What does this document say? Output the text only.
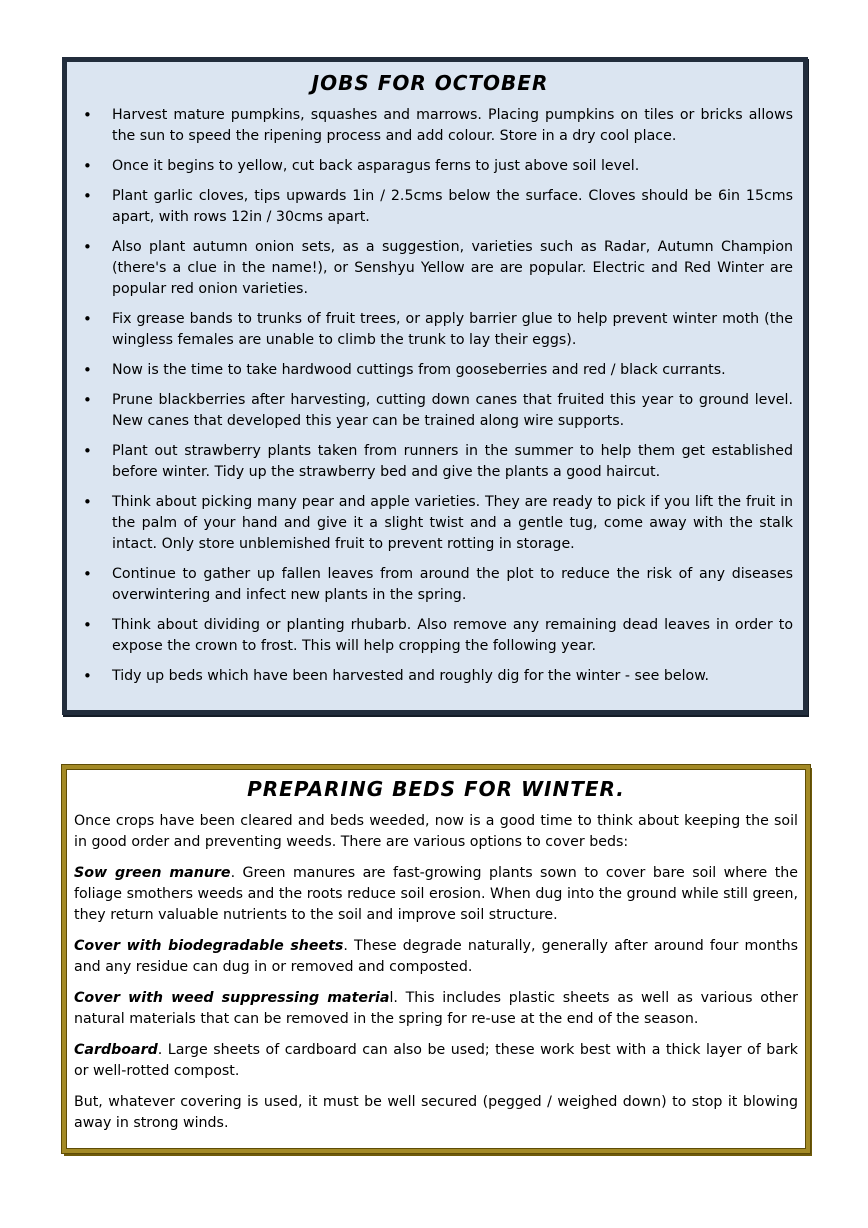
JOBS FOR OCTOBER
• Harvest mature pumpkins, squashes and marrows. Placing pumpkins on tiles or bricks allows the sun to speed the ripening process and add colour. Store in a dry cool place.
• Once it begins to yellow, cut back asparagus ferns to just above soil level.
• Plant garlic cloves, tips upwards 1in / 2.5cms below the surface. Cloves should be 6in 15cms apart, with rows 12in / 30cms apart.
• Also plant autumn onion sets, as a suggestion, varieties such as Radar, Autumn Champion (there's a clue in the name!), or Senshyu Yellow are are popular. Electric and Red Winter are popular red onion varieties.
• Fix grease bands to trunks of fruit trees, or apply barrier glue to help prevent winter moth (the wingless females are unable to climb the trunk to lay their eggs).
• Now is the time to take hardwood cuttings from gooseberries and red / black currants.
• Prune blackberries after harvesting, cutting down canes that fruited this year to ground level. New canes that developed this year can be trained along wire supports.
• Plant out strawberry plants taken from runners in the summer to help them get established before winter. Tidy up the strawberry bed and give the plants a good haircut.
• Think about picking many pear and apple varieties. They are ready to pick if you lift the fruit in the palm of your hand and give it a slight twist and a gentle tug, come away with the stalk intact. Only store unblemished fruit to prevent rotting in storage.
• Continue to gather up fallen leaves from around the plot to reduce the risk of any diseases overwintering and infect new plants in the spring.
• Think about dividing or planting rhubarb. Also remove any remaining dead leaves in order to expose the crown to frost. This will help cropping the following year.
• Tidy up beds which have been harvested and roughly dig for the winter - see below.
PREPARING BEDS FOR WINTER.

Once crops have been cleared and beds weeded, now is a good time to think about keeping the soil in good order and preventing weeds. There are various options to cover beds:

Sow green manure. Green manures are fast-growing plants sown to cover bare soil where the foliage smothers weeds and the roots reduce soil erosion. When dug into the ground while still green, they return valuable nutrients to the soil and improve soil structure.

Cover with biodegradable sheets. These degrade naturally, generally after around four months and any residue can dug in or removed and composted.

Cover with weed suppressing material. This includes plastic sheets as well as various other natural materials that can be removed in the spring for re-use at the end of the season.

Cardboard. Large sheets of cardboard can also be used; these work best with a thick layer of bark or well-rotted compost.

But, whatever covering is used, it must be well secured (pegged / weighed down) to stop it blowing away in strong winds.
